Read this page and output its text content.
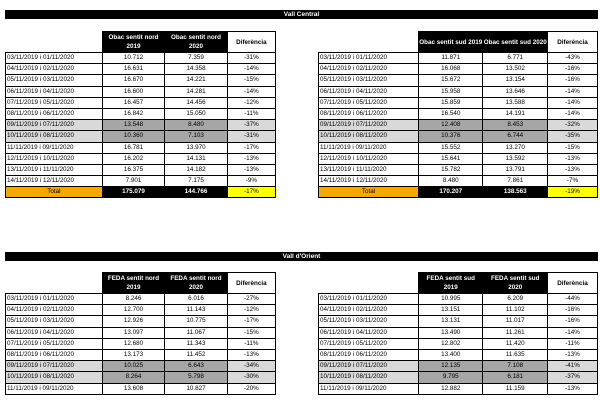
Vall Central
Vall d'Orient
	Obac sentit nord 2019	Obac sentit nord 2020	Diferència
03/11/2019 i 01/11/2020	10.712	7.359	-31%
04/11/2019 i 02/11/2020	16.631	14.358	-14%
05/11/2019 i 03/11/2020	16.670	14.221	-15%
06/11/2019 i 04/11/2020	16.600	14.281	-14%
07/11/2019 i 05/11/2020	16.457	14.456	-12%
08/11/2019 i 06/11/2020	16.842	15.050	-11%
09/11/2019 i 07/11/2020	13.548	8.480	-37%
10/11/2019 i 08/11/2020	10.360	7.103	-31%
11/11/2019 i 09/11/2020	16.781	13.970	-17%
12/11/2019 i 10/11/2020	16.202	14.131	-13%
13/11/2019 i 11/11/2020	16.375	14.182	-13%
14/11/2019 i 12/11/2020	7.901	7.175	-9%
Total	175.079	144.766	-17%
	Obac sentit sud 2019	Obac sentit sud 2020	Diferència
03/11/2019 i 01/11/2020	11.871	6.771	-43%
04/11/2019 i 02/11/2020	16.068	13.502	-16%
05/11/2019 i 03/11/2020	15.672	13.154	-16%
06/11/2019 i 04/11/2020	15.958	13.646	-14%
07/11/2019 i 05/11/2020	15.859	13.588	-14%
08/11/2019 i 06/11/2020	16.540	14.191	-14%
09/11/2019 i 07/11/2020	12.408	8.453	-32%
10/11/2019 i 08/11/2020	10.376	6.744	-35%
11/11/2019 i 09/11/2020	15.552	13.270	-15%
12/11/2019 i 10/11/2020	15.641	13.592	-13%
13/11/2019 i 11/11/2020	15.782	13.791	-13%
14/11/2019 i 12/11/2020	8.480	7.861	-7%
Total	170.207	138.563	-19%
	FEDA sentit nord 2019	FEDA sentit nord 2020	Diferència
03/11/2019 i 01/11/2020	8.246	6.016	-27%
04/11/2019 i 02/11/2020	12.700	11.143	-12%
05/11/2019 i 03/11/2020	12.926	10.775	-17%
06/11/2019 i 04/11/2020	13.097	11.067	-15%
07/11/2019 i 05/11/2020	12.680	11.343	-11%
08/11/2019 i 06/11/2020	13.173	11.452	-13%
09/11/2019 i 07/11/2020	10.025	6.643	-34%
10/11/2019 i 08/11/2020	8.264	5.798	-30%
11/11/2019 i 09/11/2020	13.608	10.827	-20%
	FEDA sentit sud 2019	FEDA sentit sud 2020	Diferència
03/11/2019 i 01/11/2020	10.995	6.209	-44%
04/11/2019 i 02/11/2020	13.151	11.102	-16%
05/11/2019 i 03/11/2020	13.131	11.017	-16%
06/11/2019 i 04/11/2020	13.490	11.261	-14%
07/11/2019 i 05/11/2020	12.802	11.420	-11%
08/11/2019 i 06/11/2020	13.400	11.635	-13%
09/11/2019 i 07/11/2020	12.135	7.108	-41%
10/11/2019 i 08/11/2020	9.795	6.181	-37%
11/11/2019 i 09/11/2020	12.882	11.159	-13%
